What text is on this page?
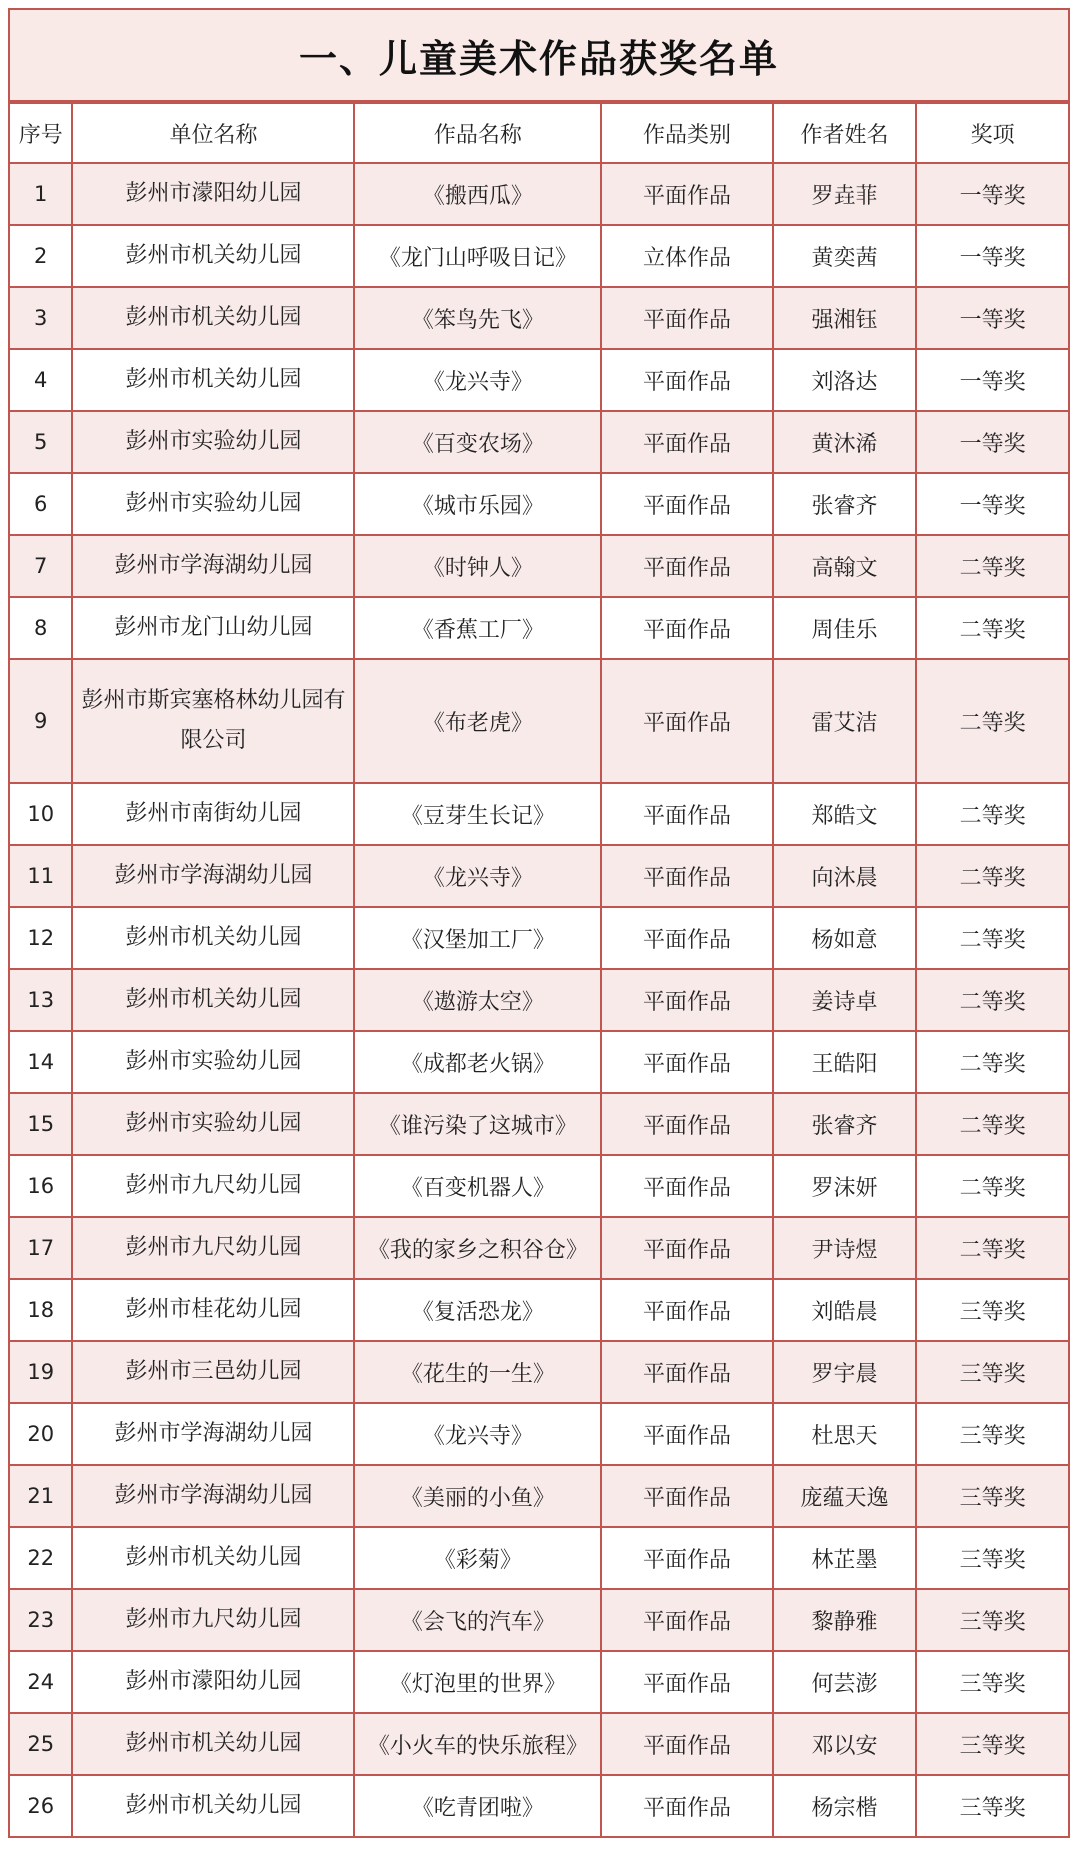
一、儿童美术作品获奖名单
序号	单位名称	作品名称	作品类别	作者姓名	奖项
1	彭州市濛阳幼儿园	《搬西瓜》	平面作品	罗垚菲	一等奖
2	彭州市机关幼儿园	《龙门山呼吸日记》	立体作品	黄奕茜	一等奖
3	彭州市机关幼儿园	《笨鸟先飞》	平面作品	强湘钰	一等奖
4	彭州市机关幼儿园	《龙兴寺》	平面作品	刘洛达	一等奖
5	彭州市实验幼儿园	《百变农场》	平面作品	黄沐浠	一等奖
6	彭州市实验幼儿园	《城市乐园》	平面作品	张睿齐	一等奖
7	彭州市学海湖幼儿园	《时钟人》	平面作品	高翰文	二等奖
8	彭州市龙门山幼儿园	《香蕉工厂》	平面作品	周佳乐	二等奖
9	彭州市斯宾塞格林幼儿园有限公司	《布老虎》	平面作品	雷艾洁	二等奖
10	彭州市南街幼儿园	《豆芽生长记》	平面作品	郑皓文	二等奖
11	彭州市学海湖幼儿园	《龙兴寺》	平面作品	向沐晨	二等奖
12	彭州市机关幼儿园	《汉堡加工厂》	平面作品	杨如意	二等奖
13	彭州市机关幼儿园	《遨游太空》	平面作品	姜诗卓	二等奖
14	彭州市实验幼儿园	《成都老火锅》	平面作品	王皓阳	二等奖
15	彭州市实验幼儿园	《谁污染了这城市》	平面作品	张睿齐	二等奖
16	彭州市九尺幼儿园	《百变机器人》	平面作品	罗沫妍	二等奖
17	彭州市九尺幼儿园	《我的家乡之积谷仓》	平面作品	尹诗煜	二等奖
18	彭州市桂花幼儿园	《复活恐龙》	平面作品	刘皓晨	三等奖
19	彭州市三邑幼儿园	《花生的一生》	平面作品	罗宇晨	三等奖
20	彭州市学海湖幼儿园	《龙兴寺》	平面作品	杜思天	三等奖
21	彭州市学海湖幼儿园	《美丽的小鱼》	平面作品	庞蕴天逸	三等奖
22	彭州市机关幼儿园	《彩菊》	平面作品	林芷墨	三等奖
23	彭州市九尺幼儿园	《会飞的汽车》	平面作品	黎静雅	三等奖
24	彭州市濛阳幼儿园	《灯泡里的世界》	平面作品	何芸澎	三等奖
25	彭州市机关幼儿园	《小火车的快乐旅程》	平面作品	邓以安	三等奖
26	彭州市机关幼儿园	《吃青团啦》	平面作品	杨宗楷	三等奖
